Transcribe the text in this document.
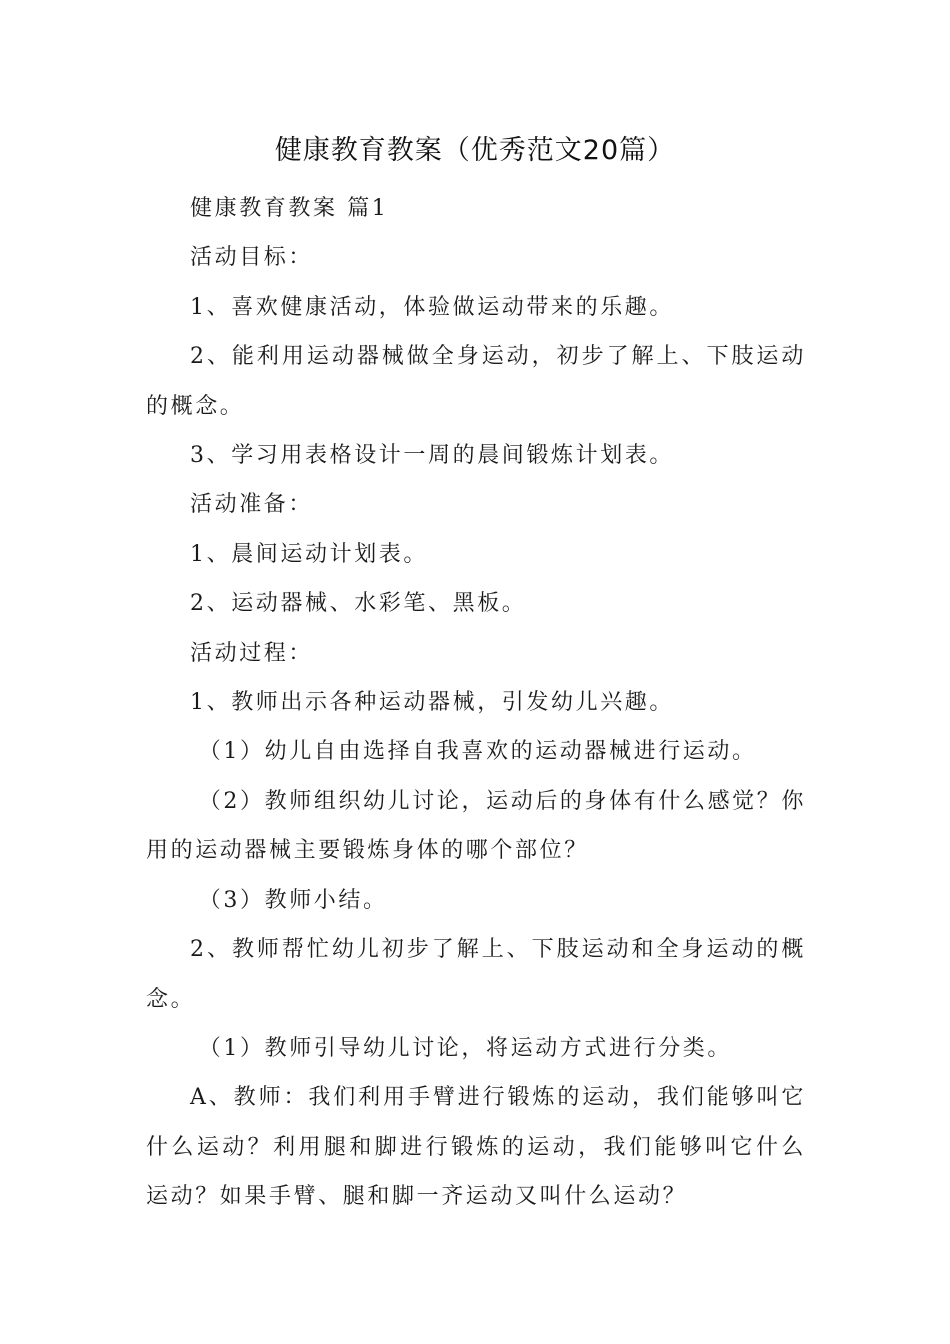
健康教育教案（优秀范文20篇）

健康教育教案 篇1

活动目标：

1、喜欢健康活动，体验做运动带来的乐趣。

2、能利用运动器械做全身运动，初步了解上、下肢运动的概念。

3、学习用表格设计一周的晨间锻炼计划表。

活动准备：

1、晨间运动计划表。

2、运动器械、水彩笔、黑板。

活动过程：

1、教师出示各种运动器械，引发幼儿兴趣。

（1）幼儿自由选择自我喜欢的运动器械进行运动。

（2）教师组织幼儿讨论，运动后的身体有什么感觉？你用的运动器械主要锻炼身体的哪个部位？

（3）教师小结。

2、教师帮忙幼儿初步了解上、下肢运动和全身运动的概念。

（1）教师引导幼儿讨论，将运动方式进行分类。

A、教师：我们利用手臂进行锻炼的运动，我们能够叫它什么运动？利用腿和脚进行锻炼的运动，我们能够叫它什么运动？如果手臂、腿和脚一齐运动又叫什么运动？
